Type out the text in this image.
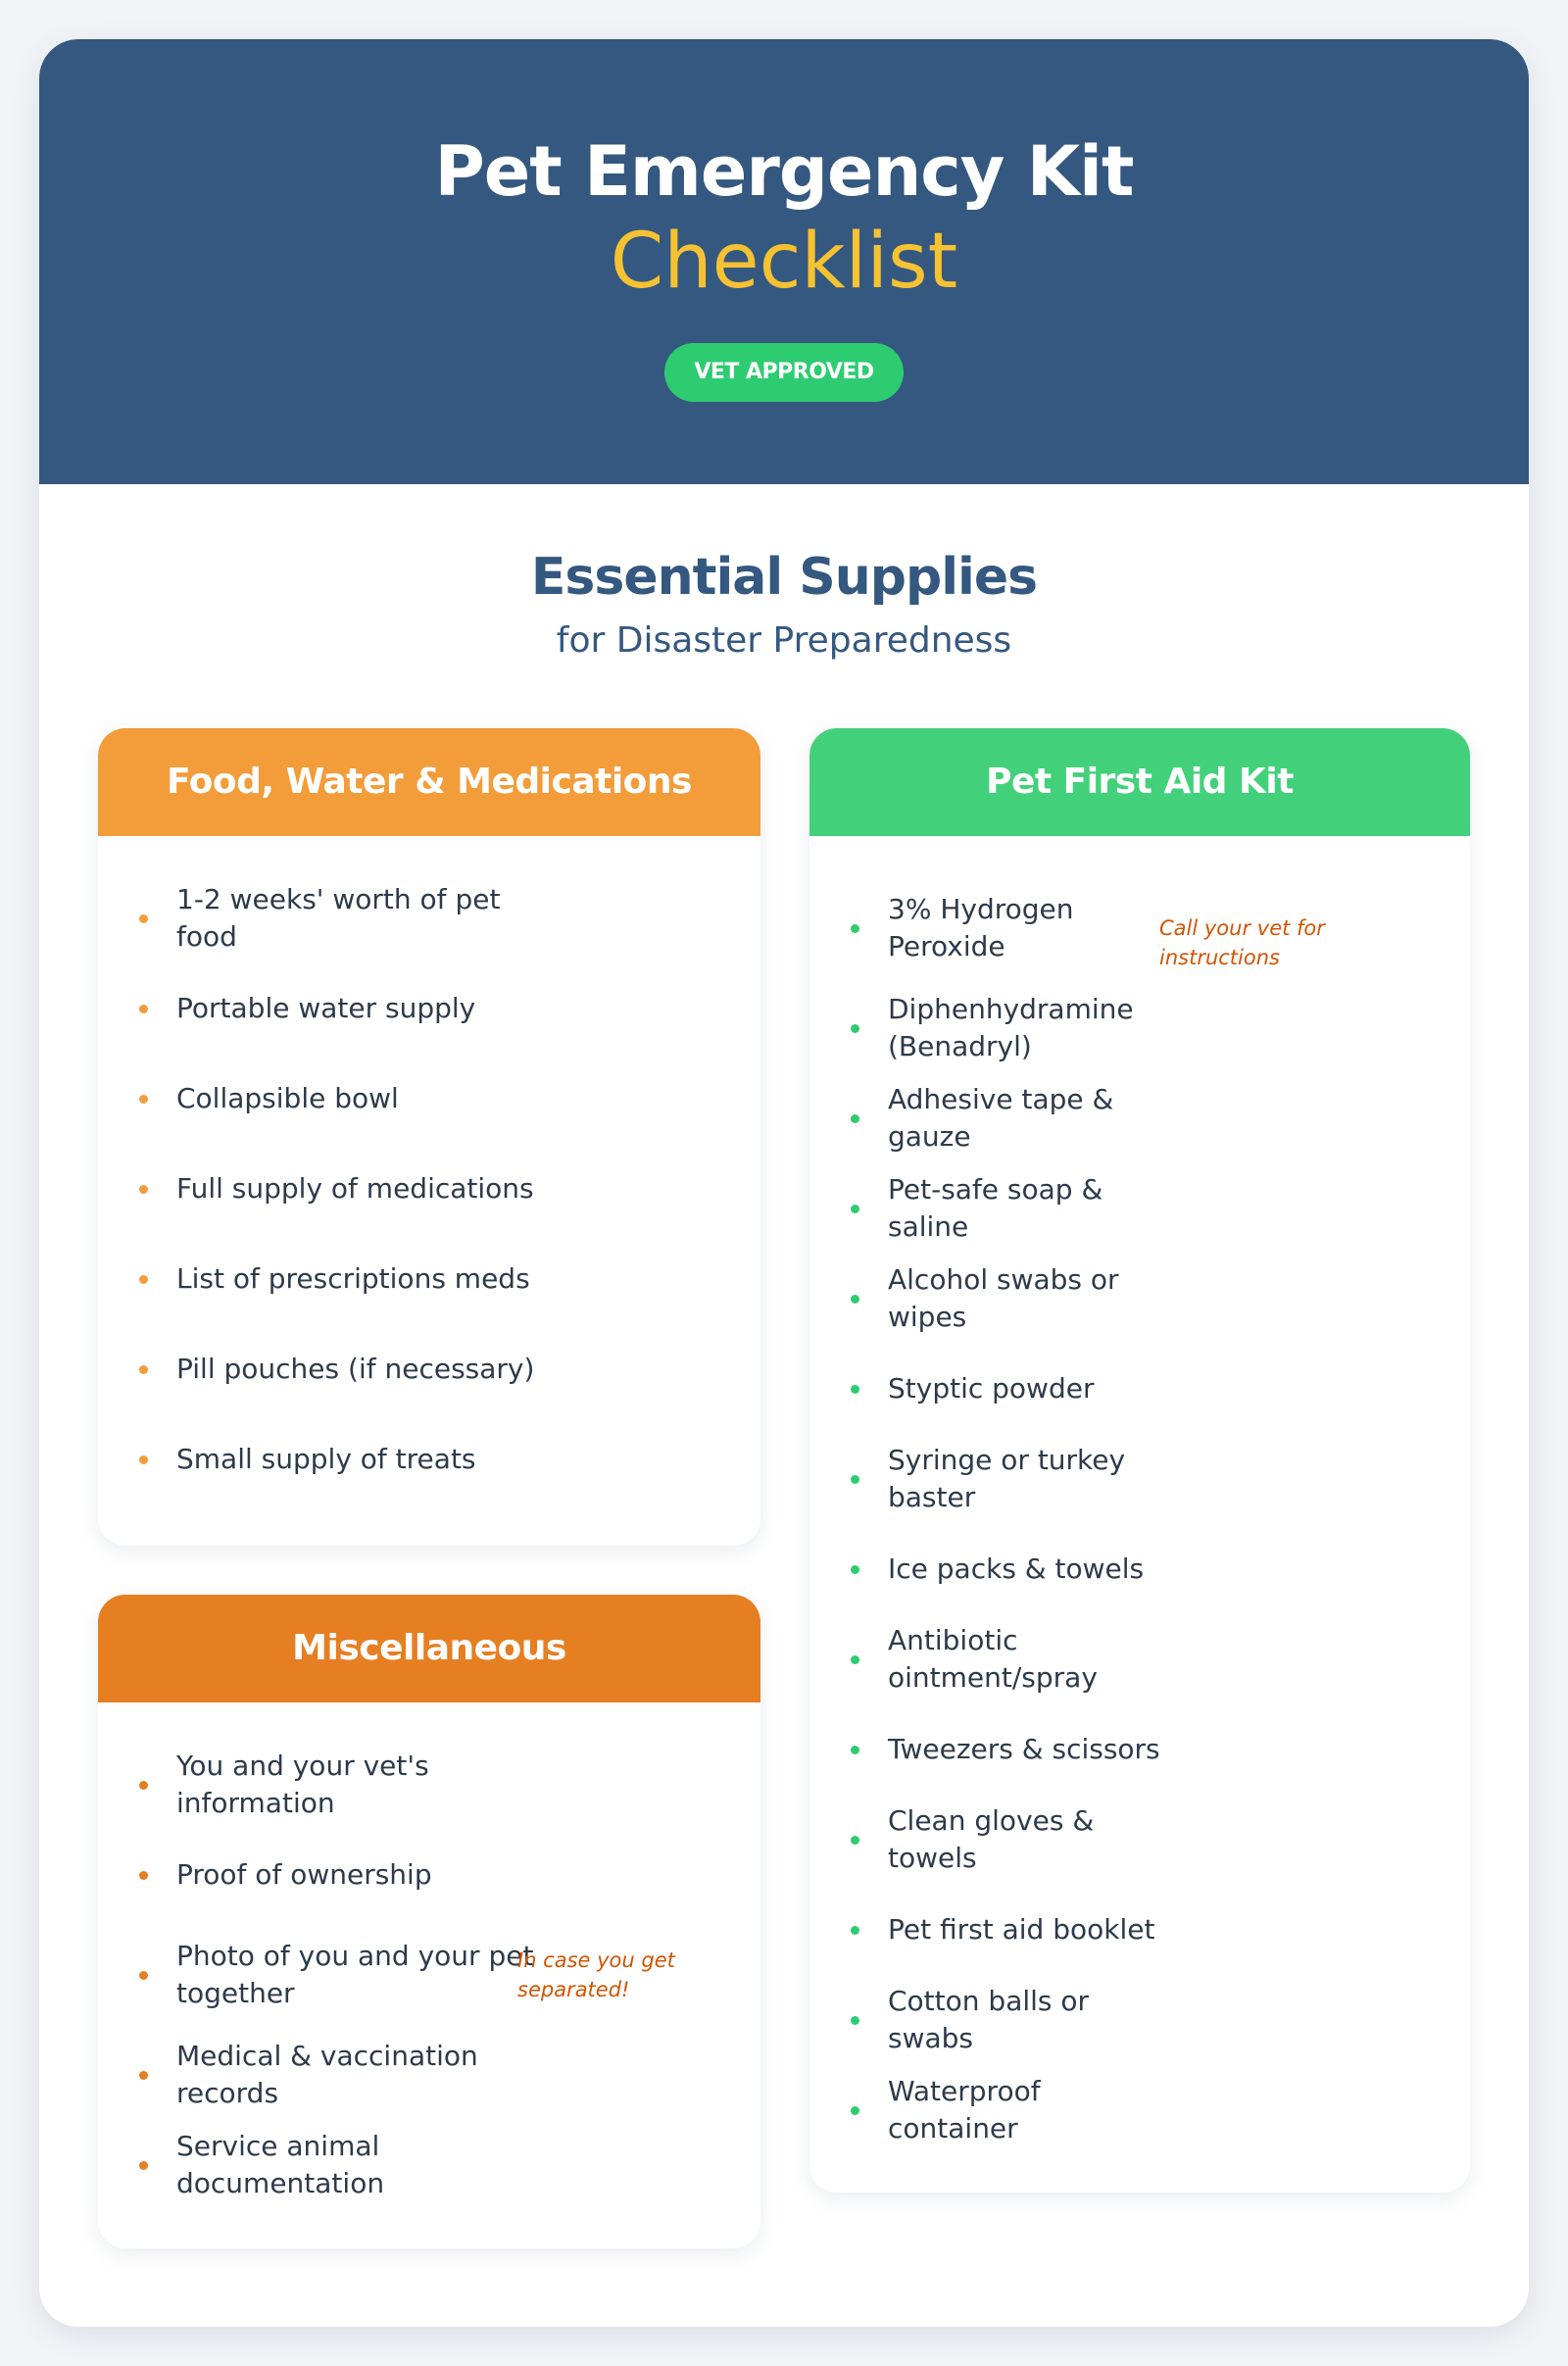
Pet Emergency Kit
Checklist
VET APPROVED
Essential Supplies
for Disaster Preparedness
Food, Water & Medications
1-2 weeks' worth of pet food
Portable water supply
Collapsible bowl
Full supply of medications
List of prescriptions meds
Pill pouches (if necessary)
Small supply of treats
Miscellaneous
You and your vet's information
Proof of ownership
Photo of you and your pet together
In case you get separated!
Medical & vaccination records
Service animal documentation
Pet First Aid Kit
3% Hydrogen Peroxide
Call your vet for instructions
Diphenhydramine (Benadryl)
Adhesive tape & gauze
Pet-safe soap & saline
Alcohol swabs or wipes
Styptic powder
Syringe or turkey baster
Ice packs & towels
Antibiotic ointment/spray
Tweezers & scissors
Clean gloves & towels
Pet first aid booklet
Cotton balls or swabs
Waterproof container
